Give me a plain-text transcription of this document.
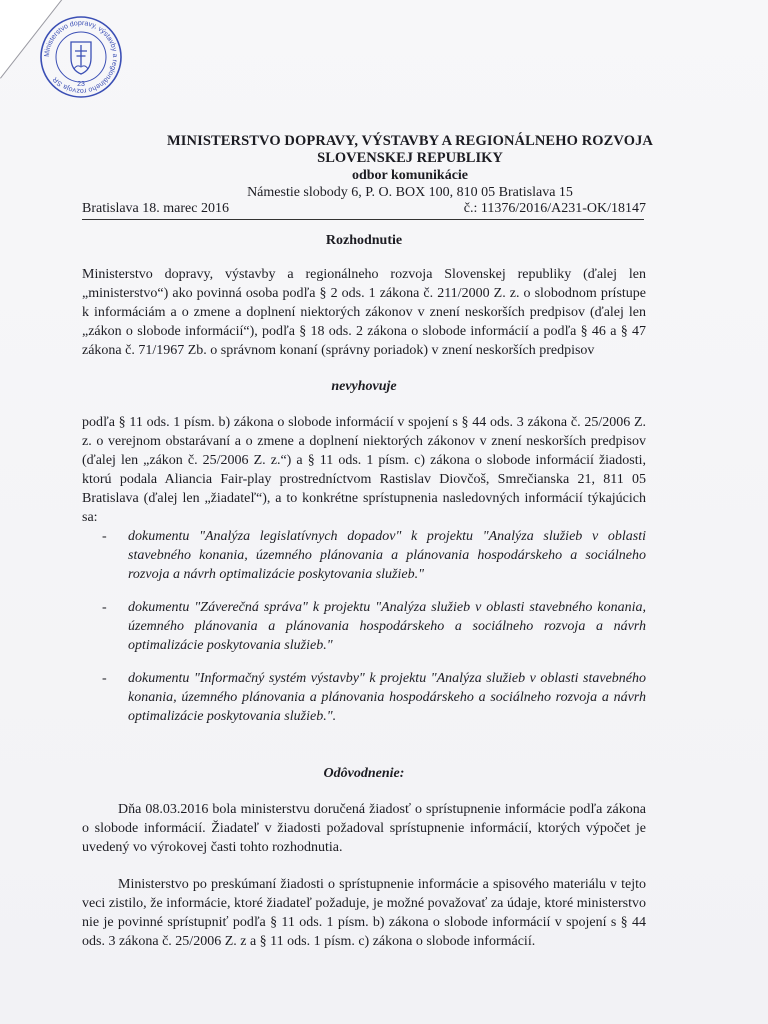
Ministerstvo dopravy, výstavby a regionálneho rozvoja SR
23
MINISTERSTVO DOPRAVY, VÝSTAVBY A REGIONÁLNEHO ROZVOJA
SLOVENSKEJ REPUBLIKY
odbor komunikácie
Námestie slobody 6, P. O. BOX 100, 810 05 Bratislava 15
Bratislava 18. marec 2016	č.: 11376/2016/A231-OK/18147
Rozhodnutie

Ministerstvo dopravy, výstavby a regionálneho rozvoja Slovenskej republiky (ďalej len „ministerstvo“) ako povinná osoba podľa § 2 ods. 1 zákona č. 211/2000 Z. z. o slobodnom prístupe k informáciám a o zmene a doplnení niektorých zákonov v znení neskorších predpisov (ďalej len „zákon o slobode informácií“), podľa § 18 ods. 2 zákona o slobode informácií a podľa § 46 a § 47 zákona č. 71/1967 Zb. o správnom konaní (správny poriadok) v znení neskorších predpisov

nevyhovuje

podľa § 11 ods. 1 písm. b) zákona o slobode informácií v spojení s § 44 ods. 3 zákona č. 25/2006 Z. z. o verejnom obstarávaní a o zmene a doplnení niektorých zákonov v znení neskorších predpisov (ďalej len „zákon č. 25/2006 Z. z.“) a § 11 ods. 1 písm. c) zákona o slobode informácií žiadosti, ktorú podala Aliancia Fair-play prostredníctvom Rastislav Diovčoš, Smrečianska 21, 811 05 Bratislava (ďalej len „žiadateľ“), a to konkrétne sprístupnenia nasledovných informácií týkajúcich sa:

-	dokumentu "Analýza legislatívnych dopadov" k projektu "Analýza služieb v oblasti stavebného konania, územného plánovania a plánovania hospodárskeho a sociálneho rozvoja a návrh optimalizácie poskytovania služieb."
-	dokumentu "Záverečná správa" k projektu "Analýza služieb v oblasti stavebného konania, územného plánovania a plánovania hospodárskeho a sociálneho rozvoja a návrh optimalizácie poskytovania služieb."
-	dokumentu "Informačný systém výstavby" k projektu "Analýza služieb v oblasti stavebného konania, územného plánovania a plánovania hospodárskeho a sociálneho rozvoja a návrh optimalizácie poskytovania služieb.".

Odôvodnenie:

Dňa 08.03.2016 bola ministerstvu doručená žiadosť o sprístupnenie informácie podľa zákona o slobode informácií. Žiadateľ v žiadosti požadoval sprístupnenie informácií, ktorých výpočet je uvedený vo výrokovej časti tohto rozhodnutia.

Ministerstvo po preskúmaní žiadosti o sprístupnenie informácie a spisového materiálu v tejto veci zistilo, že informácie, ktoré žiadateľ požaduje, je možné považovať za údaje, ktoré ministerstvo nie je povinné sprístupniť podľa § 11 ods. 1 písm. b) zákona o slobode informácií v spojení s § 44 ods. 3 zákona č. 25/2006 Z. z a § 11 ods. 1 písm. c) zákona o slobode informácií.
